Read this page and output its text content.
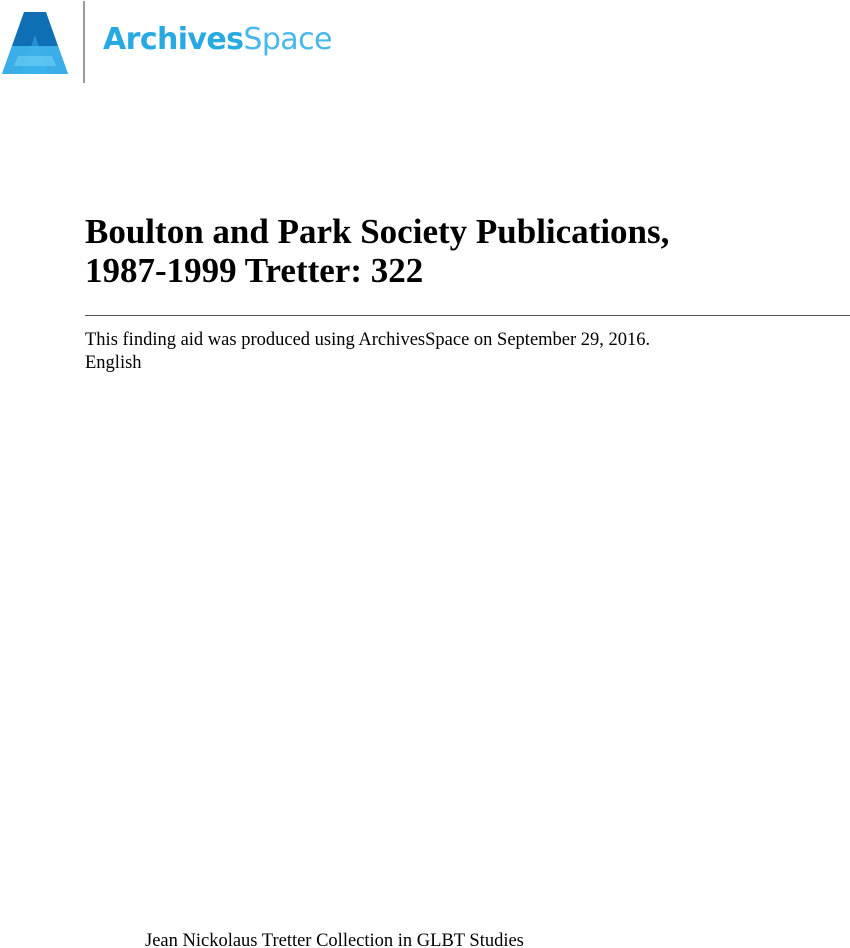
ArchivesSpace
Boulton and Park Society Publications,
1987-1999 Tretter: 322
This finding aid was produced using ArchivesSpace on September 29, 2016.
English
Jean Nickolaus Tretter Collection in GLBT Studies
